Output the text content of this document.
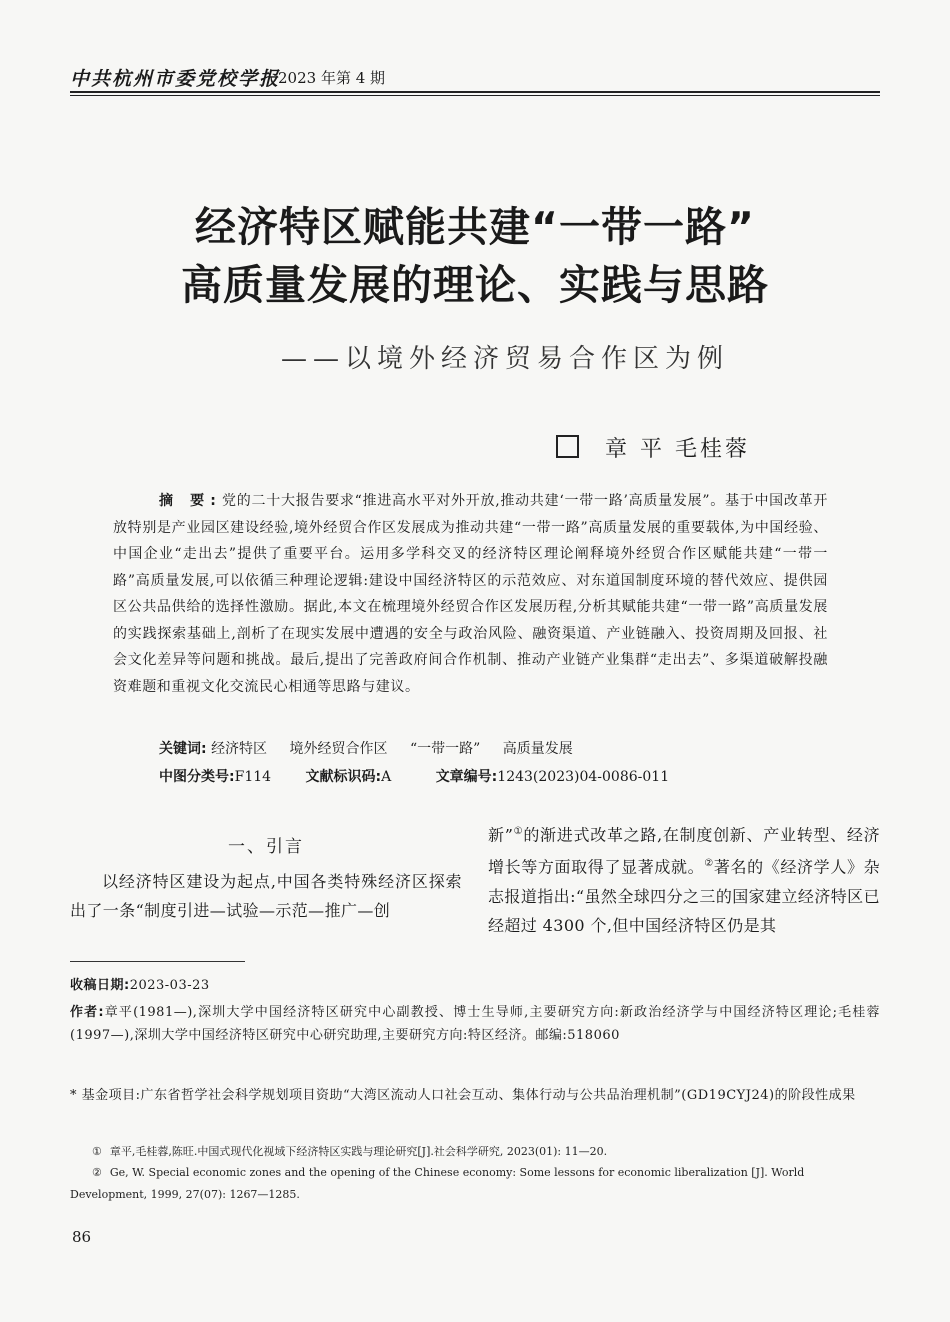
中共杭州市委党校学报
2023 年第 4 期
经济特区赋能共建“一带一路”
高质量发展的理论、实践与思路
——以境外经济贸易合作区为例
章 平 毛桂蓉
摘 要:党的二十大报告要求“推进高水平对外开放,推动共建‘一带一路’高质量发展”。基于中国改革开放特别是产业园区建设经验,境外经贸合作区发展成为推动共建“一带一路”高质量发展的重要载体,为中国经验、中国企业“走出去”提供了重要平台。运用多学科交叉的经济特区理论阐释境外经贸合作区赋能共建“一带一路”高质量发展,可以依循三种理论逻辑:建设中国经济特区的示范效应、对东道国制度环境的替代效应、提供园区公共品供给的选择性激励。据此,本文在梳理境外经贸合作区发展历程,分析其赋能共建“一带一路”高质量发展的实践探索基础上,剖析了在现实发展中遭遇的安全与政治风险、融资渠道、产业链融入、投资周期及回报、社会文化差异等问题和挑战。最后,提出了完善政府间合作机制、推动产业链产业集群“走出去”、多渠道破解投融资难题和重视文化交流民心相通等思路与建议。
关键词: 经济特区 境外经贸合作区 “一带一路” 高质量发展
中图分类号:F114 文献标识码:A	文章编号:1243(2023)04-0086-011
一、引言
以经济特区建设为起点,中国各类特殊经济区探索出了一条“制度引进—试验—示范—推广—创
新”①的渐进式改革之路,在制度创新、产业转型、经济增长等方面取得了显著成就。②著名的《经济学人》杂志报道指出:“虽然全球四分之三的国家建立经济特区已经超过 4300 个,但中国经济特区仍是其
收稿日期:2023-03-23
作者:章平(1981—),深圳大学中国经济特区研究中心副教授、博士生导师,主要研究方向:新政治经济学与中国经济特区理论;毛桂蓉(1997—),深圳大学中国经济特区研究中心研究助理,主要研究方向:特区经济。邮编:518060
* 基金项目:广东省哲学社会科学规划项目资助“大湾区流动人口社会互动、集体行动与公共品治理机制”(GD19CYJ24)的阶段性成果
① 章平,毛桂蓉,陈旺.中国式现代化视域下经济特区实践与理论研究[J].社会科学研究, 2023(01): 11—20.
② Ge, W. Special economic zones and the opening of the Chinese economy: Some lessons for economic liberalization [J]. World Development, 1999, 27(07): 1267—1285.
86
